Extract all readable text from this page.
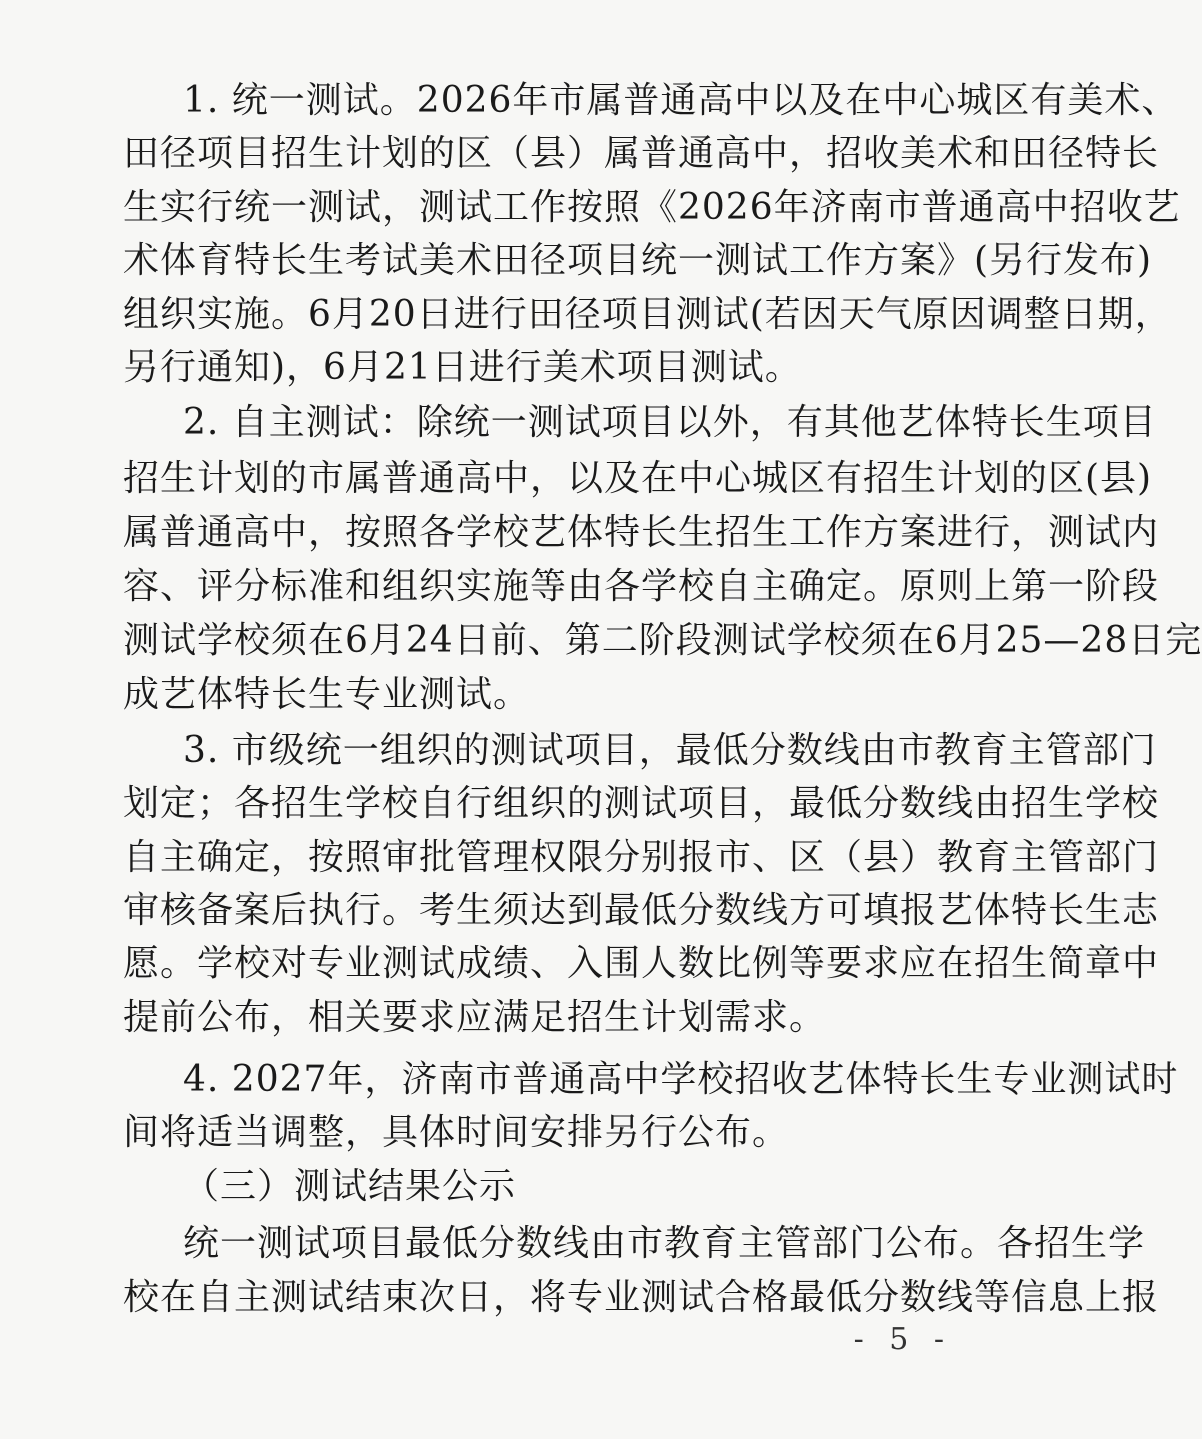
1. 统一测试。2026年市属普通高中以及在中心城区有美术、
田径项目招生计划的区（县）属普通高中，招收美术和田径特长
生实行统一测试，测试工作按照《2026年济南市普通高中招收艺
术体育特长生考试美术田径项目统一测试工作方案》(另行发布)
组织实施。6月20日进行田径项目测试(若因天气原因调整日期，
另行通知)，6月21日进行美术项目测试。
2. 自主测试：除统一测试项目以外，有其他艺体特长生项目
招生计划的市属普通高中，以及在中心城区有招生计划的区(县)
属普通高中，按照各学校艺体特长生招生工作方案进行，测试内
容、评分标准和组织实施等由各学校自主确定。原则上第一阶段
测试学校须在6月24日前、第二阶段测试学校须在6月25—28日完
成艺体特长生专业测试。
3. 市级统一组织的测试项目，最低分数线由市教育主管部门
划定；各招生学校自行组织的测试项目，最低分数线由招生学校
自主确定，按照审批管理权限分别报市、区（县）教育主管部门
审核备案后执行。考生须达到最低分数线方可填报艺体特长生志
愿。学校对专业测试成绩、入围人数比例等要求应在招生简章中
提前公布，相关要求应满足招生计划需求。
4. 2027年，济南市普通高中学校招收艺体特长生专业测试时
间将适当调整，具体时间安排另行公布。
（三）测试结果公示
统一测试项目最低分数线由市教育主管部门公布。各招生学
校在自主测试结束次日，将专业测试合格最低分数线等信息上报
- 5 -
